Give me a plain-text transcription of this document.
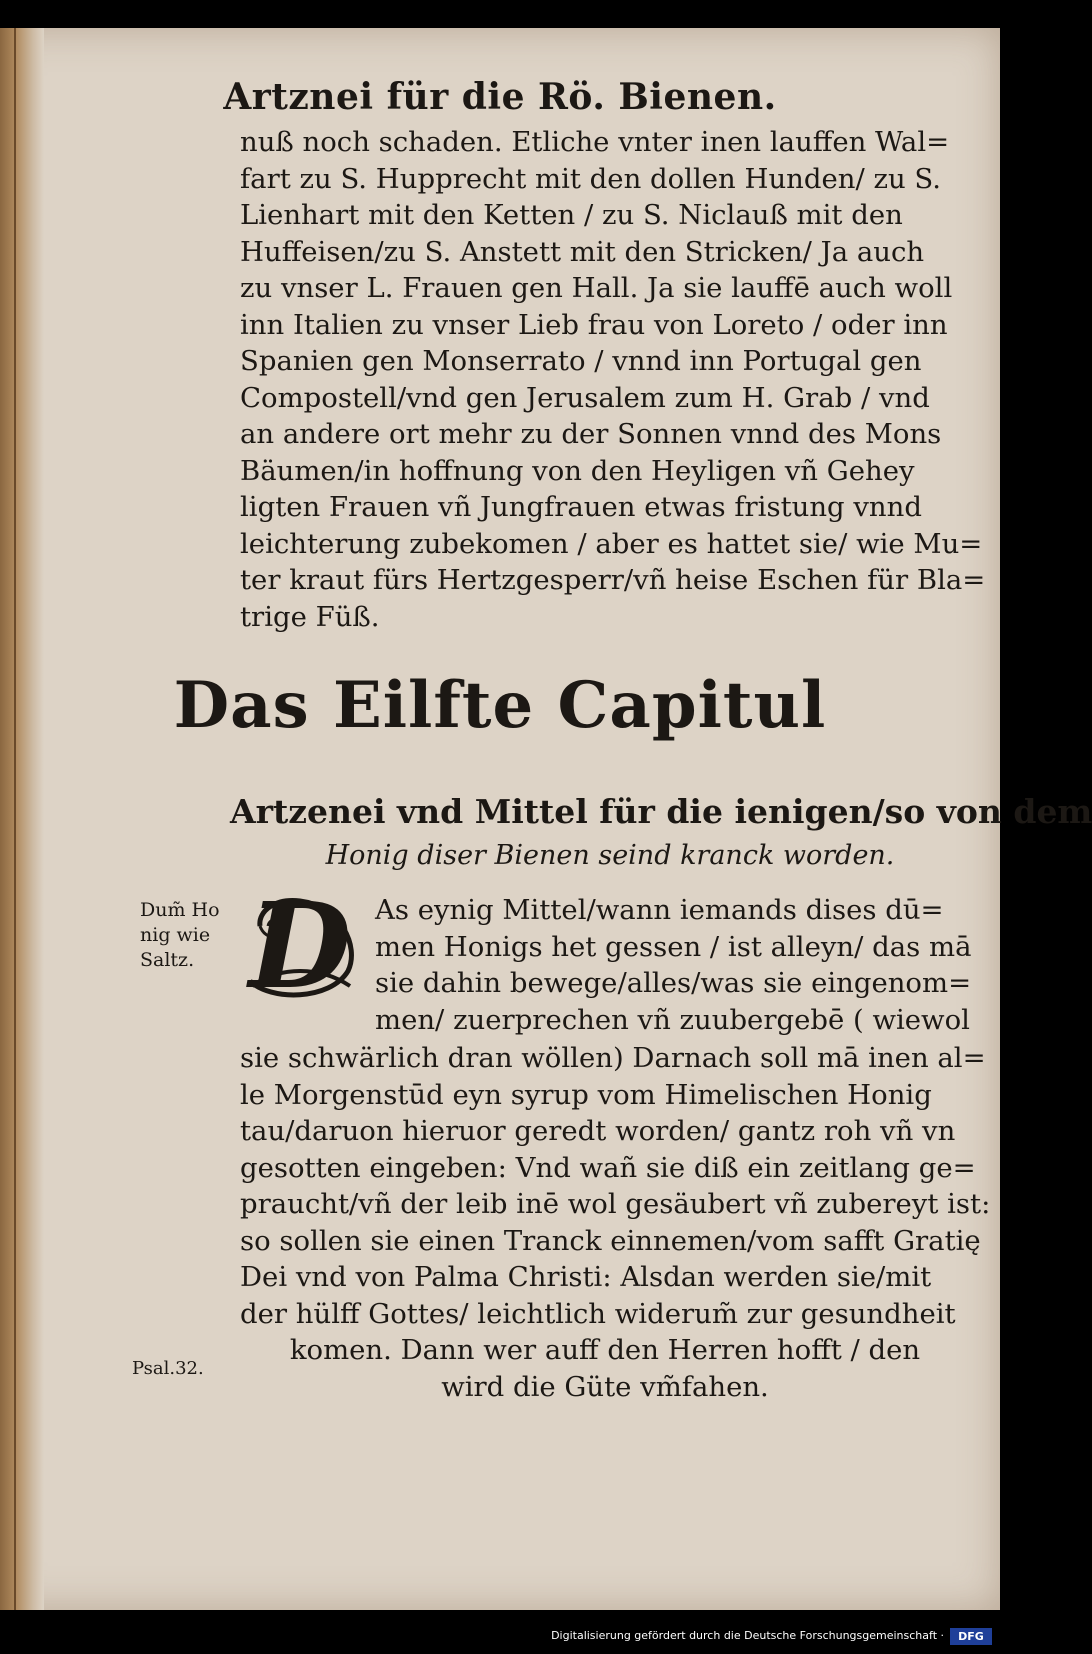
Artznei für die Rö. Bienen.
nuß noch schaden. Etliche vnter inen lauffen Wal=
fart zu S. Hupprecht mit den dollen Hunden/ zu S.
Lienhart mit den Ketten / zu S. Niclauß mit den
Huffeisen/zu S. Anstett mit den Stricken/ Ja auch
zu vnser L. Frauen gen Hall. Ja sie lauffē auch woll
inn Italien zu vnser Lieb frau von Loreto / oder inn
Spanien gen Monserrato / vnnd inn Portugal gen
Compostell/vnd gen Jerusalem zum H. Grab / vnd
an andere ort mehr zu der Sonnen vnnd des Mons
Bäumen/in hoffnung von den Heyligen vñ Gehey
ligten Frauen vñ Jungfrauen etwas fristung vnnd
leichterung zubekomen / aber es hattet sie/ wie Mu=
ter kraut fürs Hertzgesperr/vñ heise Eschen für Bla=
trige Füß.
Das Eilfte Capitul
Artzenei vnd Mittel für die ienigen/so von dem
Honig diser Bienen seind kranck worden.
Dum̃ Ho
nig wie
Saltz. D As eynig Mittel/wann iemands dises dū=
men Honigs het gessen / ist alleyn/ das mā
sie dahin bewege/alles/was sie eingenom=
men/ zuerprechen vñ zuubergebē ( wiewol
sie schwärlich dran wöllen) Darnach soll mā inen al=
le Morgenstūd eyn syrup vom Himelischen Honig
tau/daruon hieruor geredt worden/ gantz roh vñ vn
gesotten eingeben: Vnd wañ sie diß ein zeitlang ge=
praucht/vñ der leib inē wol gesäubert vñ zubereyt ist:
so sollen sie einen Tranck einnemen/vom safft Gratię
Dei vnd von Palma Christi: Alsdan werden sie/mit
der hülff Gottes/ leichtlich widerum̃ zur gesundheit
komen. Dann wer auff den Herren hofft / den
wird die Güte vm̃fahen.
Psal.32.
Digitalisierung gefördert durch die Deutsche Forschungsgemeinschaft ·	DFG
